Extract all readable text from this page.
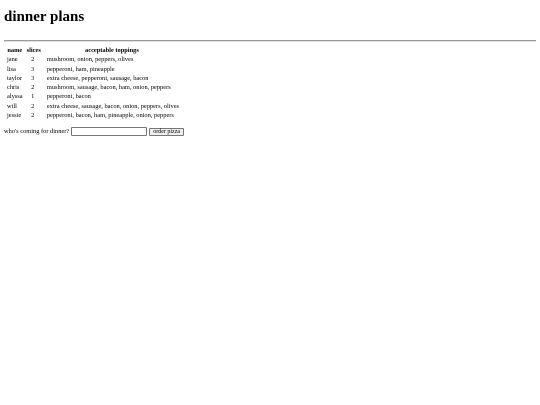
dinner plans
name	slices	acceptable toppings
jane	2	mushroom, onion, peppers, olives
lisa	3	pepperoni, ham, pineapple
taylor	3	extra cheese, pepperoni, sausage, bacon
chris	2	mushroom, sausage, bacon, ham, onion, peppers
alyssa	1	pepperoni, bacon
will	2	extra cheese, sausage, bacon, onion, peppers, olives
jessie	2	pepperoni, bacon, ham, pineapple, onion, peppers
who's coming for dinner?	order pizza
